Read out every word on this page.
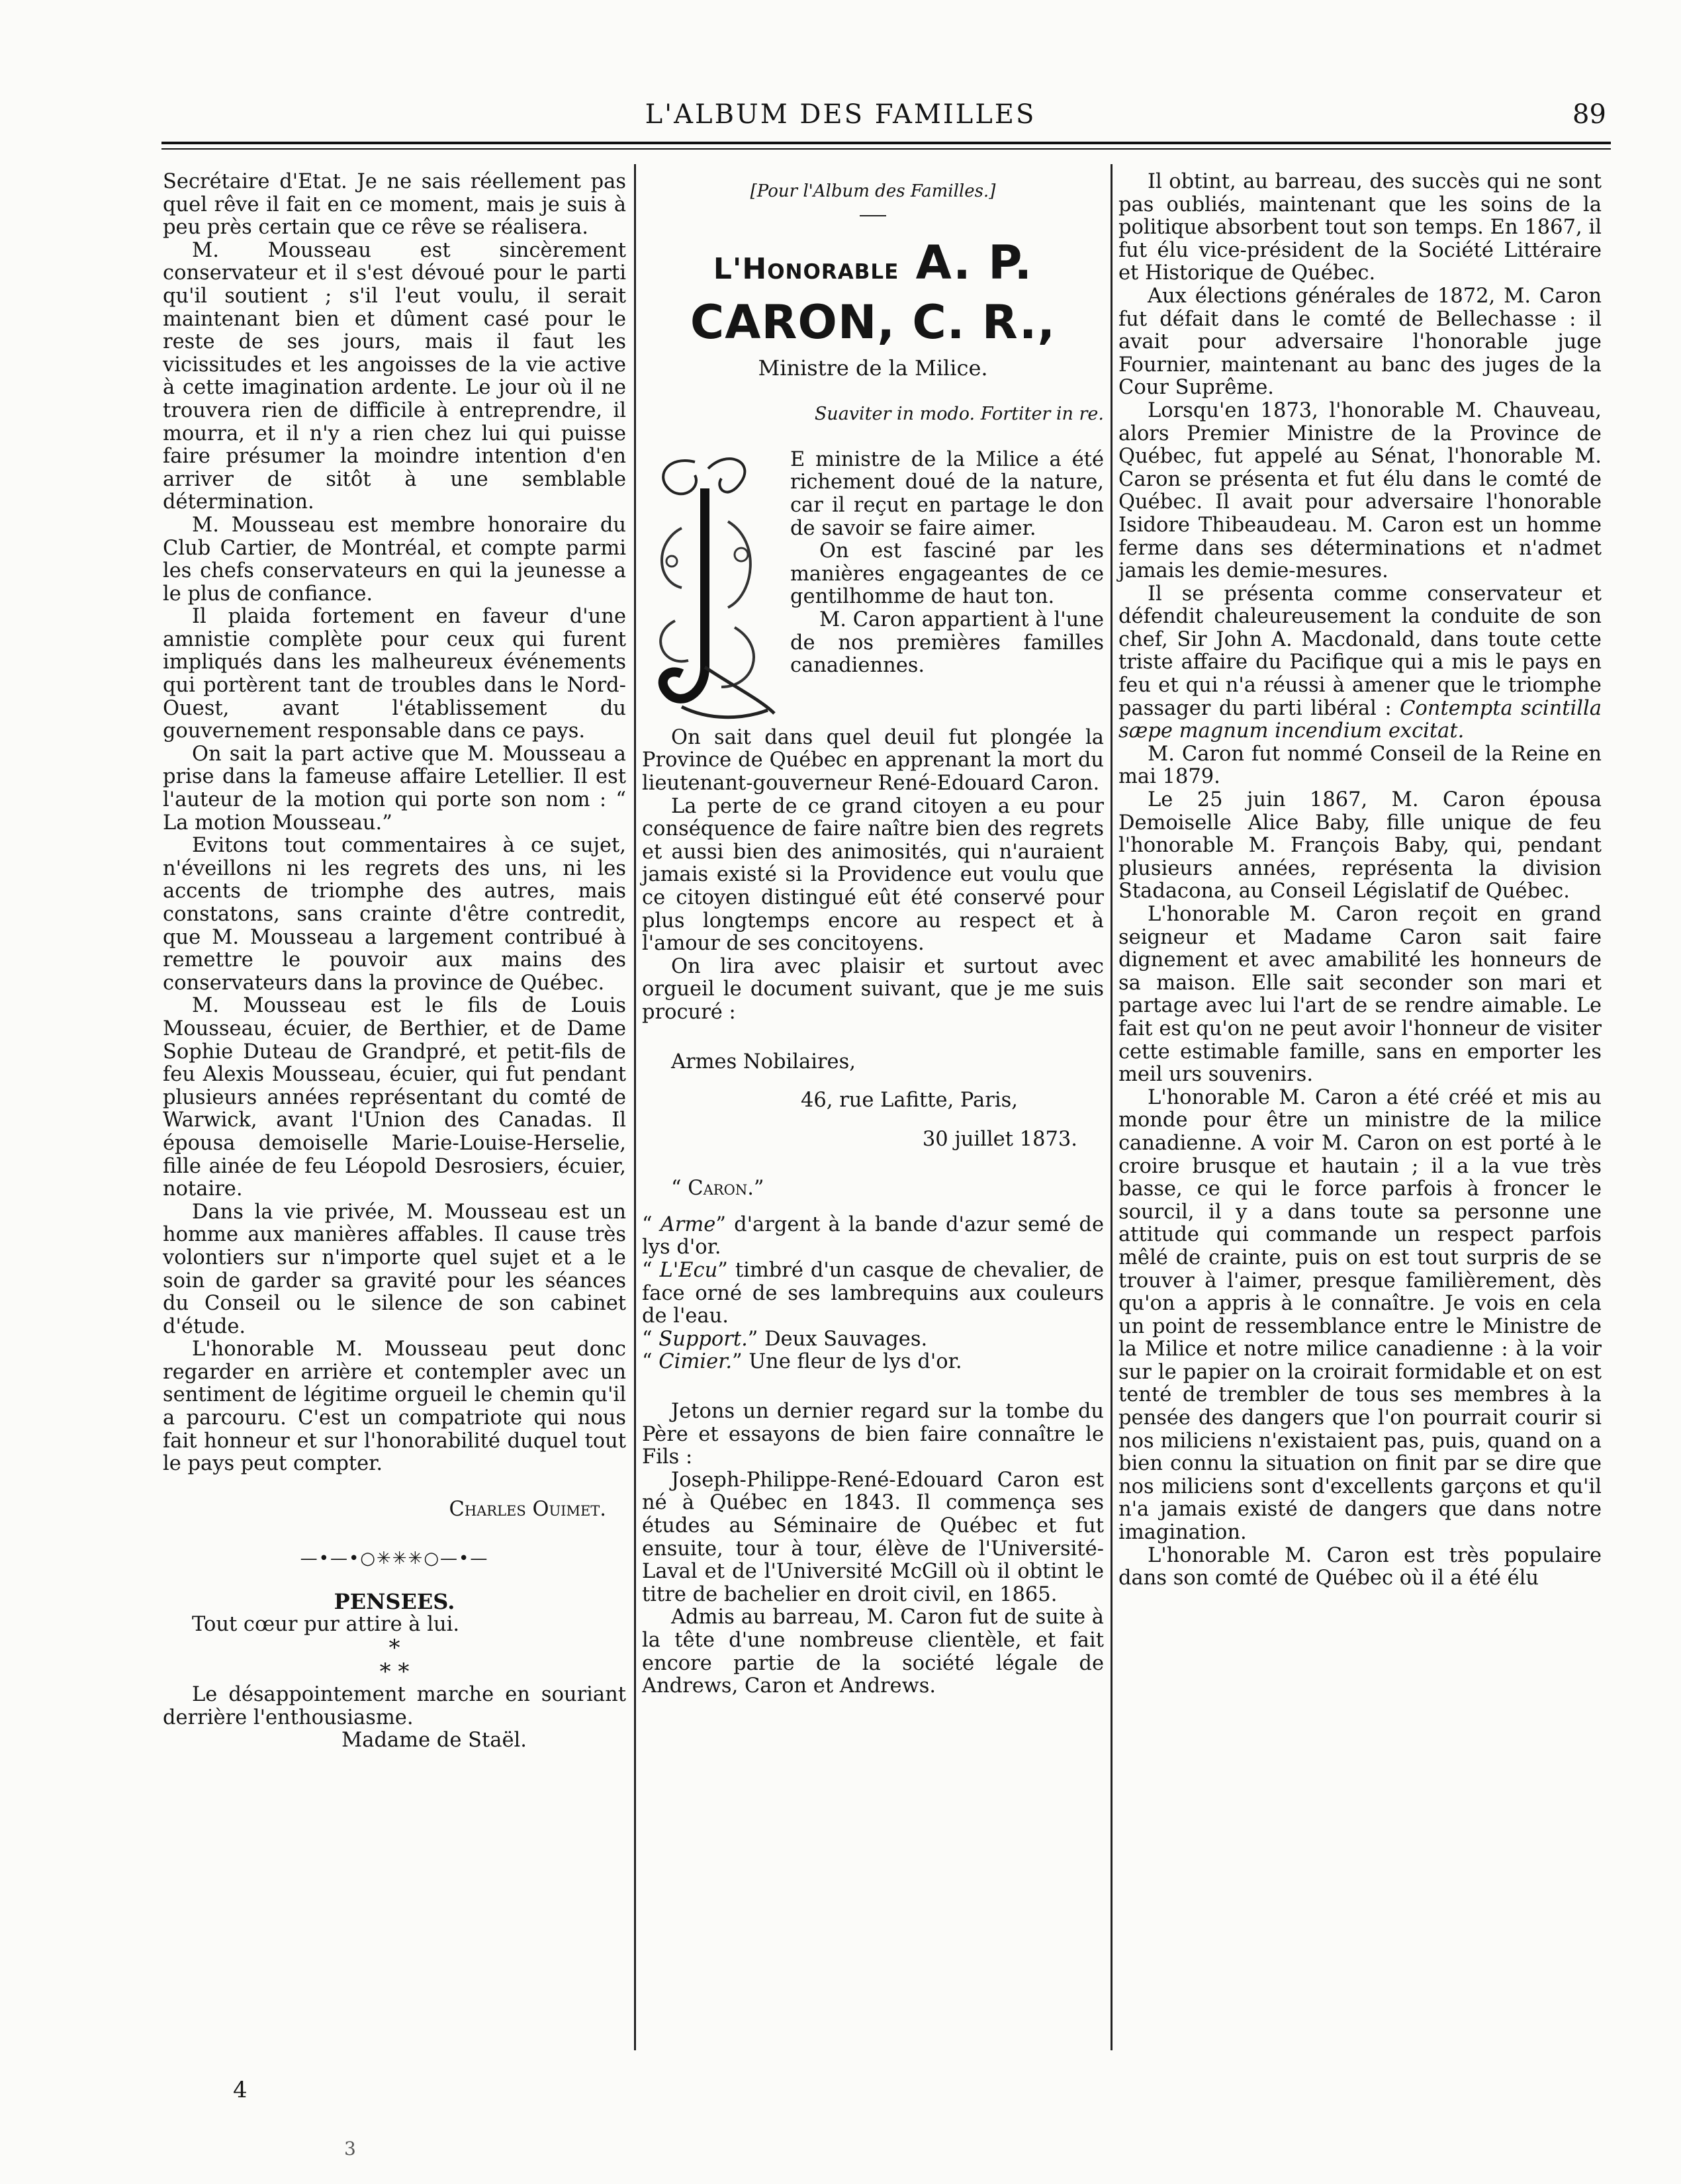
L'ALBUM DES FAMILLES	89

Secrétaire d'Etat. Je ne sais réellement pas quel rêve il fait en ce moment, mais je suis à peu près certain que ce rêve se réalisera.

M. Mousseau est sincèrement conservateur et il s'est dévoué pour le parti qu'il soutient ; s'il l'eut voulu, il serait maintenant bien et dûment casé pour le reste de ses jours, mais il faut les vicissitudes et les angoisses de la vie active à cette imagination ardente. Le jour où il ne trouvera rien de difficile à entreprendre, il mourra, et il n'y a rien chez lui qui puisse faire présumer la moindre intention d'en arriver de sitôt à une semblable détermination.

M. Mousseau est membre honoraire du Club Cartier, de Montréal, et compte parmi les chefs conservateurs en qui la jeunesse a le plus de confiance.

Il plaida fortement en faveur d'une amnistie complète pour ceux qui furent impliqués dans les malheureux événements qui portèrent tant de troubles dans le Nord-Ouest, avant l'établissement du gouvernement responsable dans ce pays.

On sait la part active que M. Mousseau a prise dans la fameuse affaire Letellier. Il est l'auteur de la motion qui porte son nom : “ La motion Mousseau.”

Evitons tout commentaires à ce sujet, n'éveillons ni les regrets des uns, ni les accents de triomphe des autres, mais constatons, sans crainte d'être contredit, que M. Mousseau a largement contribué à remettre le pouvoir aux mains des conservateurs dans la province de Québec.

M. Mousseau est le fils de Louis Mousseau, écuier, de Berthier, et de Dame Sophie Duteau de Grandpré, et petit-fils de feu Alexis Mousseau, écuier, qui fut pendant plusieurs années représentant du comté de Warwick, avant l'Union des Canadas. Il épousa demoiselle Marie-Louise-Herselie, fille ainée de feu Léopold Desrosiers, écuier, notaire.

Dans la vie privée, M. Mousseau est un homme aux manières affables. Il cause très volontiers sur n'importe quel sujet et a le soin de garder sa gravité pour les séances du Conseil ou le silence de son cabinet d'étude.

L'honorable M. Mousseau peut donc regarder en arrière et contempler avec un sentiment de légitime orgueil le chemin qu'il a parcouru. C'est un compatriote qui nous fait honneur et sur l'honorabilité duquel tout le pays peut compter.

Charles Ouimet.
—•—•○✳✳✳○—•—
PENSEES.

Tout cœur pur attire à lui.

*
* *

Le désappointement marche en souriant derrière l'enthousiasme.

Madame de Staël.
[Pour l'Album des Familles.]
L'Honorable A. P. CARON, C. R.,
Ministre de la Milice.
Suaviter in modo. Fortiter in re.

E ministre de la Milice a été richement doué de la nature, car il reçut en partage le don de savoir se faire aimer.

On est fasciné par les manières engageantes de ce gentilhomme de haut ton.

M. Caron appartient à l'une de nos premières familles canadiennes.

On sait dans quel deuil fut plongée la Province de Québec en apprenant la mort du lieutenant-gouverneur René-Edouard Caron.

La perte de ce grand citoyen a eu pour conséquence de faire naître bien des regrets et aussi bien des animosités, qui n'auraient jamais existé si la Providence eut voulu que ce citoyen distingué eût été conservé pour plus longtemps encore au respect et à l'amour de ses concitoyens.

On lira avec plaisir et surtout avec orgueil le document suivant, que je me suis procuré :

Armes Nobilaires,

46, rue Lafitte, Paris,
30 juillet 1873.

“ Caron.”

“ Arme” d'argent à la bande d'azur semé de lys d'or.

“ L'Ecu” timbré d'un casque de chevalier, de face orné de ses lambrequins aux couleurs de l'eau.

“ Support.” Deux Sauvages.

“ Cimier.” Une fleur de lys d'or.

Jetons un dernier regard sur la tombe du Père et essayons de bien faire connaître le Fils :

Joseph-Philippe-René-Edouard Caron est né à Québec en 1843. Il commença ses études au Séminaire de Québec et fut ensuite, tour à tour, élève de l'Université-Laval et de l'Université McGill où il obtint le titre de bachelier en droit civil, en 1865.

Admis au barreau, M. Caron fut de suite à la tête d'une nombreuse clientèle, et fait encore partie de la société légale de Andrews, Caron et Andrews.

Il obtint, au barreau, des succès qui ne sont pas oubliés, maintenant que les soins de la politique absorbent tout son temps. En 1867, il fut élu vice-président de la Société Littéraire et Historique de Québec.

Aux élections générales de 1872, M. Caron fut défait dans le comté de Bellechasse : il avait pour adversaire l'honorable juge Fournier, maintenant au banc des juges de la Cour Suprême.

Lorsqu'en 1873, l'honorable M. Chauveau, alors Premier Ministre de la Province de Québec, fut appelé au Sénat, l'honorable M. Caron se présenta et fut élu dans le comté de Québec. Il avait pour adversaire l'honorable Isidore Thibeaudeau. M. Caron est un homme ferme dans ses déterminations et n'admet jamais les demie-mesures.

Il se présenta comme conservateur et défendit chaleureusement la conduite de son chef, Sir John A. Macdonald, dans toute cette triste affaire du Pacifique qui a mis le pays en feu et qui n'a réussi à amener que le triomphe passager du parti libéral : Contempta scintilla sæpe magnum incendium excitat.

M. Caron fut nommé Conseil de la Reine en mai 1879.

Le 25 juin 1867, M. Caron épousa Demoiselle Alice Baby, fille unique de feu l'honorable M. François Baby, qui, pendant plusieurs années, représenta la division Stadacona, au Conseil Législatif de Québec.

L'honorable M. Caron reçoit en grand seigneur et Madame Caron sait faire dignement et avec amabilité les honneurs de sa maison. Elle sait seconder son mari et partage avec lui l'art de se rendre aimable. Le fait est qu'on ne peut avoir l'honneur de visiter cette estimable famille, sans en emporter les meil urs souvenirs.

L'honorable M. Caron a été créé et mis au monde pour être un ministre de la milice canadienne. A voir M. Caron on est porté à le croire brusque et hautain ; il a la vue très basse, ce qui le force parfois à froncer le sourcil, il y a dans toute sa personne une attitude qui commande un respect parfois mêlé de crainte, puis on est tout surpris de se trouver à l'aimer, presque familièrement, dès qu'on a appris à le connaître. Je vois en cela un point de ressemblance entre le Ministre de la Milice et notre milice canadienne : à la voir sur le papier on la croirait formidable et on est tenté de trembler de tous ses membres à la pensée des dangers que l'on pourrait courir si nos miliciens n'existaient pas, puis, quand on a bien connu la situation on finit par se dire que nos miliciens sont d'excellents garçons et qu'il n'a jamais existé de dangers que dans notre imagination.

L'honorable M. Caron est très populaire dans son comté de Québec où il a été élu

4
3
